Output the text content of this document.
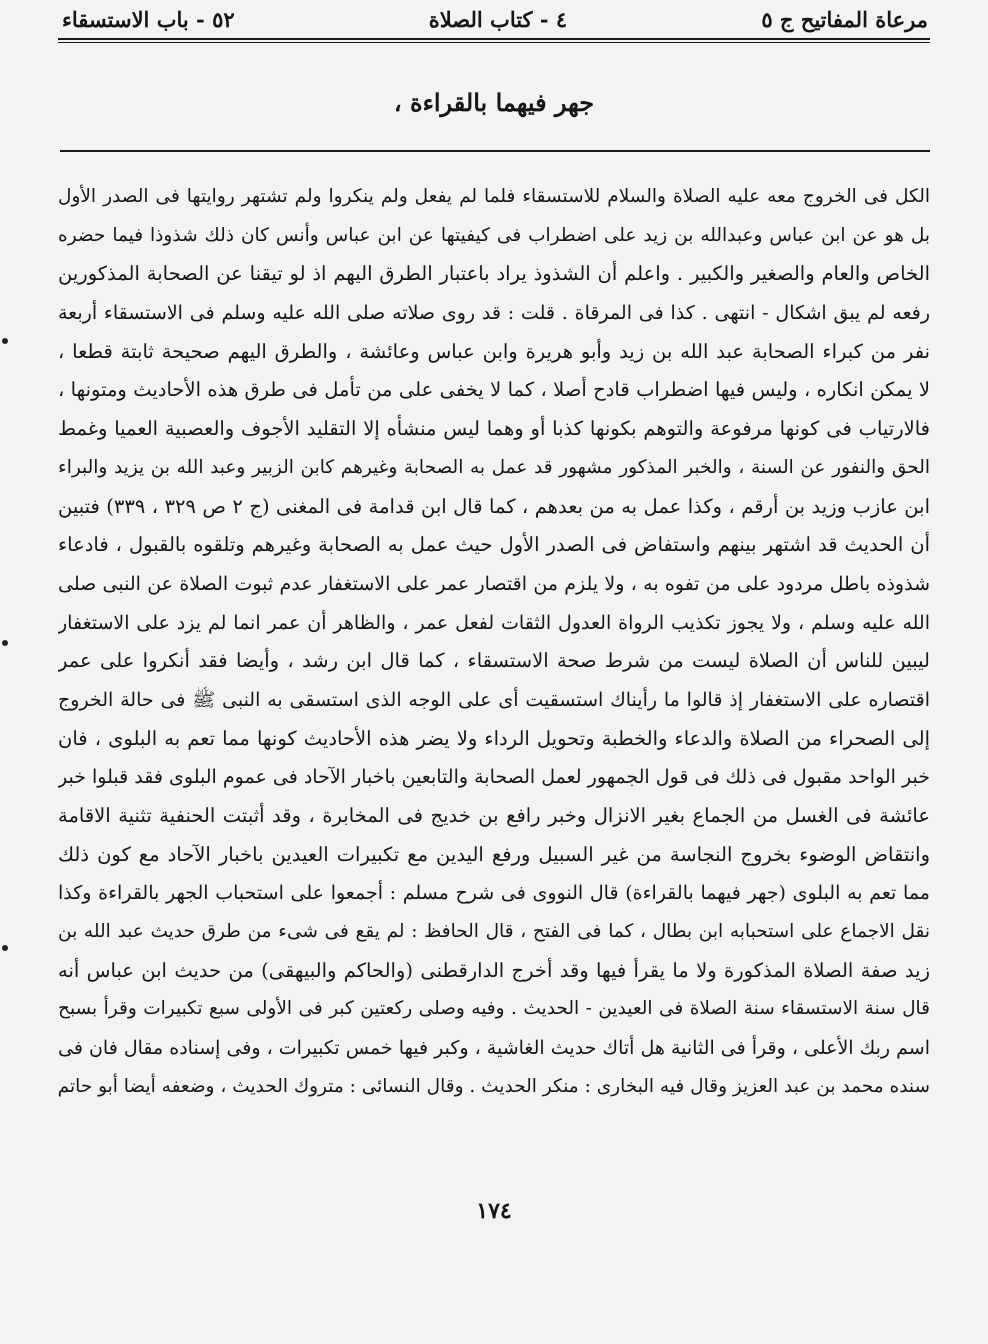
مرعاة المفاتيح ج ٥
٤ - كتاب الصلاة
٥٢ - باب الاستسقاء
جهر فيهما بالقراءة ،
الكل فى الخروج معه عليه الصلاة والسلام للاستسقاء فلما لم يفعل ولم ينكروا ولم تشتهر روايتها فى الصدر الأول
بل هو عن ابن عباس وعبدالله بن زيد على اضطراب فى كيفيتها عن ابن عباس وأنس كان ذلك شذوذا فيما حضره
الخاص والعام والصغير والكبير . واعلم أن الشذوذ يراد باعتبار الطرق اليهم اذ لو تيقنا عن الصحابة المذكورين
رفعه لم يبق اشكال - انتهى . كذا فى المرقاة . قلت : قد روى صلاته صلى الله عليه وسلم فى الاستسقاء أربعة
نفر من كبراء الصحابة عبد الله بن زيد وأبو هريرة وابن عباس وعائشة ، والطرق اليهم صحيحة ثابتة قطعا ،
لا يمكن انكاره ، وليس فيها اضطراب قادح أصلا ، كما لا يخفى على من تأمل فى طرق هذه الأحاديث ومتونها ،
فالارتياب فى كونها مرفوعة والتوهم بكونها كذبا أو وهما ليس منشأه إلا التقليد الأجوف والعصبية العميا وغمط
الحق والنفور عن السنة ، والخبر المذكور مشهور قد عمل به الصحابة وغيرهم كابن الزبير وعبد الله بن يزيد والبراء
ابن عازب وزيد بن أرقم ، وكذا عمل به من بعدهم ، كما قال ابن قدامة فى المغنى (ج ٢ ص ٣٢٩ ، ٣٣٩) فتبين
أن الحديث قد اشتهر بينهم واستفاض فى الصدر الأول حيث عمل به الصحابة وغيرهم وتلقوه بالقبول ، فادعاء
شذوذه باطل مردود على من تفوه به ، ولا يلزم من اقتصار عمر على الاستغفار عدم ثبوت الصلاة عن النبى صلى
الله عليه وسلم ، ولا يجوز تكذيب الرواة العدول الثقات لفعل عمر ، والظاهر أن عمر انما لم يزد على الاستغفار
ليبين للناس أن الصلاة ليست من شرط صحة الاستسقاء ، كما قال ابن رشد ، وأيضا فقد أنكروا على عمر
اقتصاره على الاستغفار إذ قالوا ما رأيناك استسقيت أى على الوجه الذى استسقى به النبى ﷺ فى حالة الخروج
إلى الصحراء من الصلاة والدعاء والخطبة وتحويل الرداء ولا يضر هذه الأحاديث كونها مما تعم به البلوى ، فان
خبر الواحد مقبول فى ذلك فى قول الجمهور لعمل الصحابة والتابعين باخبار الآحاد فى عموم البلوى فقد قبلوا خبر
عائشة فى الغسل من الجماع بغير الانزال وخبر رافع بن خديج فى المخابرة ، وقد أثبتت الحنفية تثنية الاقامة
وانتقاض الوضوء بخروج النجاسة من غير السبيل ورفع اليدين مع تكبيرات العيدين باخبار الآحاد مع كون ذلك
مما تعم به البلوى (جهر فيهما بالقراءة) قال النووى فى شرح مسلم : أجمعوا على استحباب الجهر بالقراءة وكذا
نقل الاجماع على استحبابه ابن بطال ، كما فى الفتح ، قال الحافظ : لم يقع فى شىء من طرق حديث عبد الله بن
زيد صفة الصلاة المذكورة ولا ما يقرأ فيها وقد أخرج الدارقطنى (والحاكم والبيهقى) من حديث ابن عباس أنه
قال سنة الاستسقاء سنة الصلاة فى العيدين - الحديث . وفيه وصلى ركعتين كبر فى الأولى سبع تكبيرات وقرأ بسبح
اسم ربك الأعلى ، وقرأ فى الثانية هل أتاك حديث الغاشية ، وكبر فيها خمس تكبيرات ، وفى إسناده مقال فان فى
سنده محمد بن عبد العزيز وقال فيه البخارى : منكر الحديث . وقال النسائى : متروك الحديث ، وضعفه أيضا أبو حاتم
١٧٤
